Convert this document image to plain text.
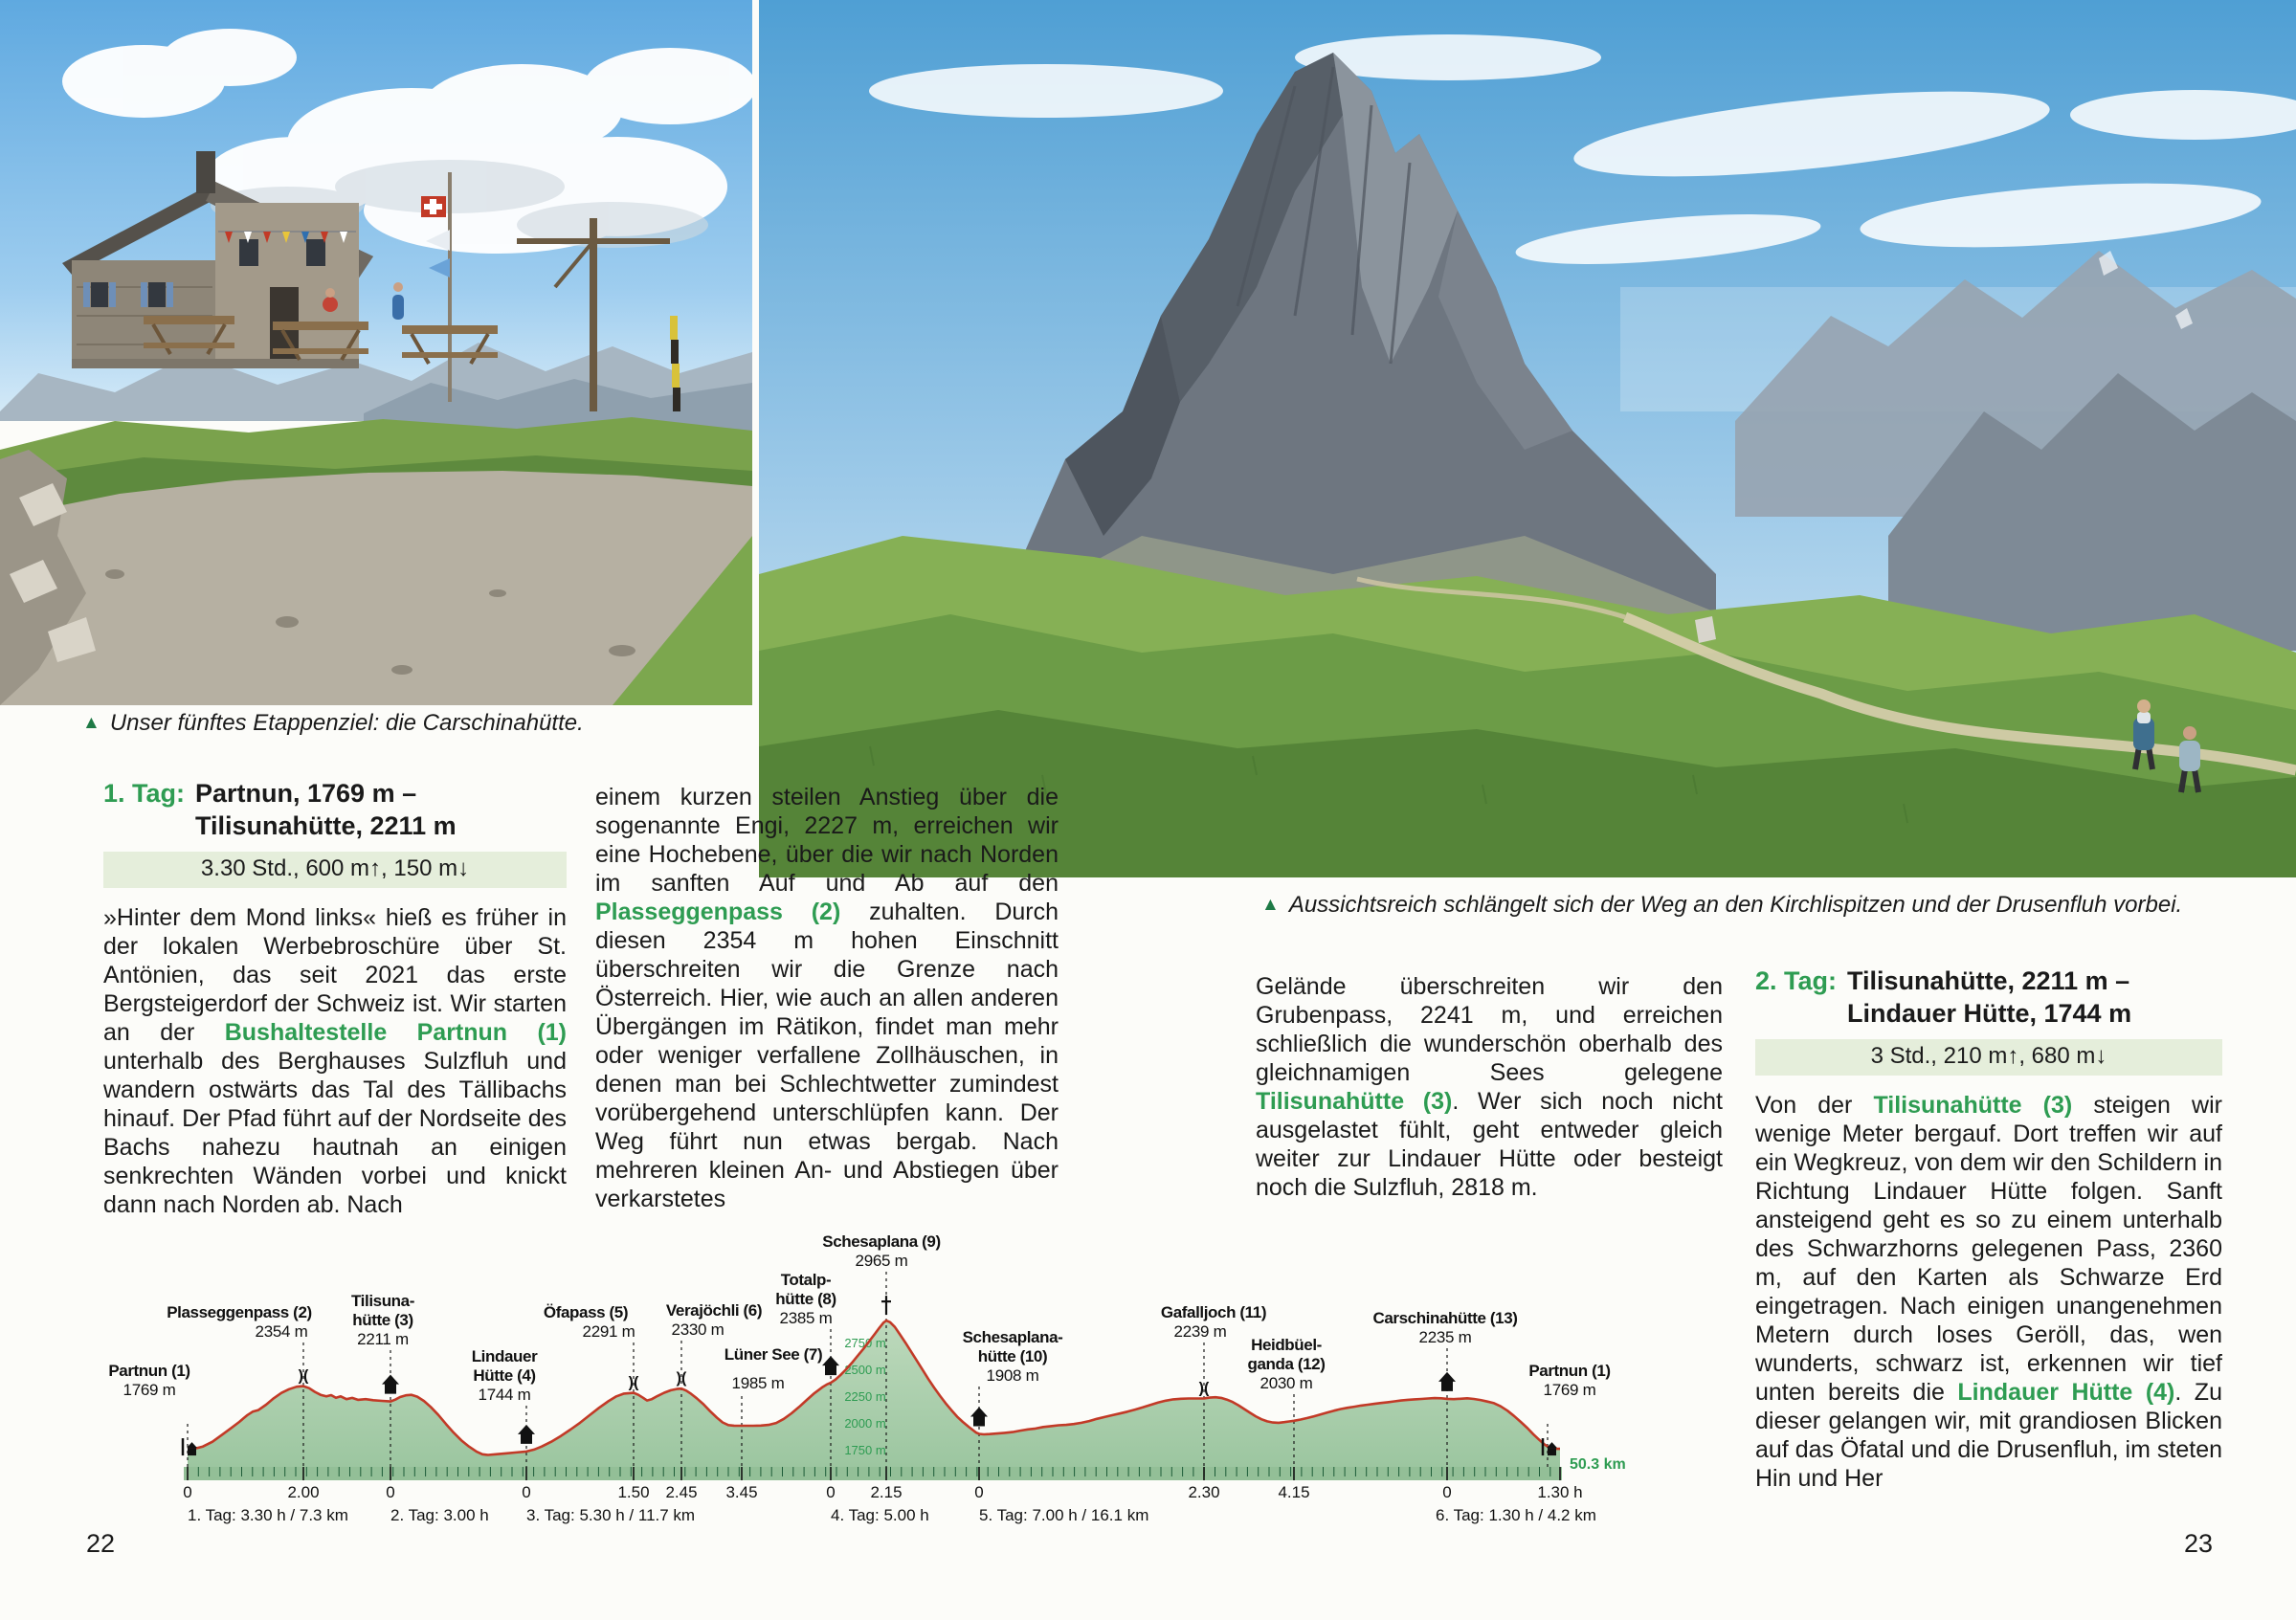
▲ Unser fünftes Etappenziel: die Carschinahütte.
▲ Aussichtsreich schlängelt sich der Weg an den Kirchlispitzen und der Drusenfluh vorbei.
1. Tag: Partnun, 1769 m –
Tilisunahütte, 2211 m
3.30 Std., 600 m↑, 150 m↓
»Hinter dem Mond links« hieß es früher in der lokalen Werbebroschüre über St. Antönien, das seit 2021 das erste Bergsteigerdorf der Schweiz ist. Wir starten an der Bushaltestelle Partnun (1) unterhalb des Berghauses Sulzfluh und wandern ostwärts das Tal des Tällibachs hinauf. Der Pfad führt auf der Nordseite des Bachs nahezu hautnah an einigen senkrechten Wänden vorbei und knickt dann nach Norden ab. Nach
einem kurzen steilen Anstieg über die sogenannte Engi, 2227 m, erreichen wir eine Hochebene, über die wir nach Norden im sanften Auf und Ab auf den Plasseggenpass (2) zuhalten. Durch diesen 2354 m hohen Einschnitt überschreiten wir die Grenze nach Österreich. Hier, wie auch an allen anderen Übergängen im Rätikon, findet man mehr oder weniger verfallene Zollhäuschen, in denen man bei Schlechtwetter zumindest vorübergehend unterschlüpfen kann. Der Weg führt nun etwas bergab. Nach mehreren kleinen An- und Abstiegen über verkarstetes
Gelände überschreiten wir den Grubenpass, 2241 m, und erreichen schließlich die wunderschön oberhalb des gleichnamigen Sees gelegene Tilisunahütte (3). Wer sich noch nicht ausgelastet fühlt, geht entweder gleich weiter zur Lindauer Hütte oder besteigt noch die Sulzfluh, 2818 m.
2. Tag: Tilisunahütte, 2211 m –
Lindauer Hütte, 1744 m
3 Std., 210 m↑, 680 m↓
Von der Tilisunahütte (3) steigen wir wenige Meter bergauf. Dort treffen wir auf ein Wegkreuz, von dem wir den Schildern in Richtung Lindauer Hütte folgen. Sanft ansteigend geht es so zu einem unterhalb des Schwarzhorns gelegenen Pass, 2360 m, auf den Karten als Schwarze Erd eingetragen. Nach einigen unangenehmen Metern durch loses Geröll, das, wen wunderts, schwarz ist, erkennen wir tief unten bereits die Lindauer Hütte (4). Zu dieser gelangen wir, mit grandiosen Blicken auf das Öfatal und die Drusenfluh, im steten Hin und Her
2750 m
2500 m
2250 m
2000 m
1750 m
)(	)( )(
)(
Partnun (1)
1769 m
Plasseggenpass (2)
2354 m
Tilisuna-
hütte (3)
2211 m
Lindauer
Hütte (4)
1744 m
Öfapass (5)
2291 m
Verajöchli (6)
2330 m
Lüner See (7)
1985 m
Totalp-
hütte (8)
2385 m
Schesaplana (9)
2965 m
Schesaplana-
hütte (10)
1908 m
Gafalljoch (11)
2239 m
Heidbüel-
ganda (12)
2030 m
Carschinahütte (13)
2235 m
Partnun (1)
1769 m
0	2.00	0	0	1.50 2.45 3.45	0 2.15	0	2.30	4.15	0	1.30 h
1. Tag: 3.30 h / 7.3 km	2. Tag: 3.00 h 3. Tag: 5.30 h / 11.7 km	4. Tag: 5.00 h	5. Tag: 7.00 h / 16.1 km	6. Tag: 1.30 h / 4.2 km
50.3 km
22	23
